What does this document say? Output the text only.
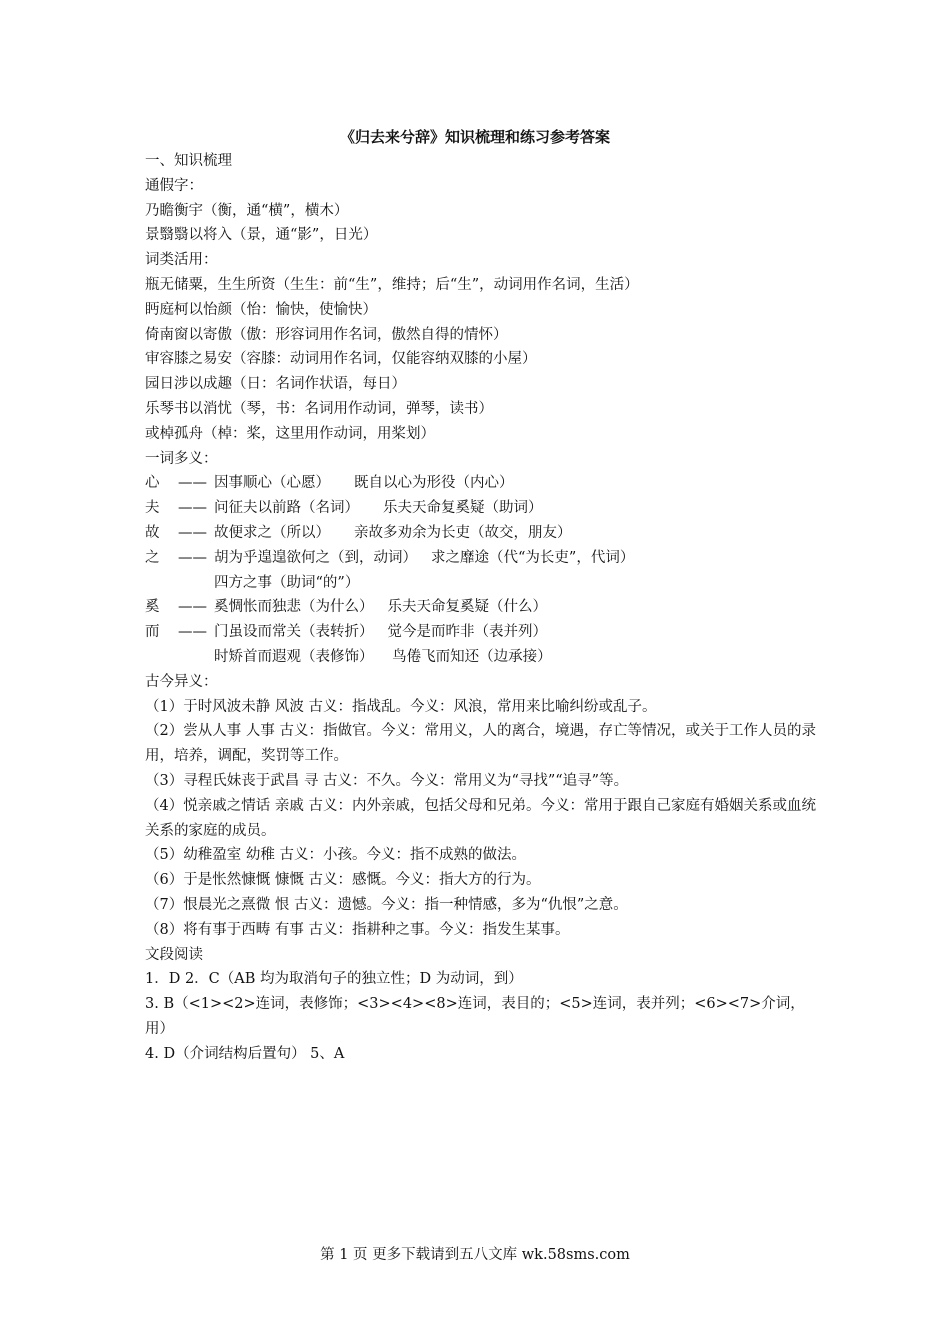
《归去来兮辞》知识梳理和练习参考答案
一、知识梳理
通假字：
乃瞻衡宇（衡，通“横”，横木）
景翳翳以将入（景，通“影”，日光）
词类活用：
瓶无储粟，生生所资（生生：前“生”，维持；后“生”，动词用作名词，生活）
眄庭柯以怡颜（怡：愉快，使愉快）
倚南窗以寄傲（傲：形容词用作名词，傲然自得的情怀）
审容膝之易安（容膝：动词用作名词，仅能容纳双膝的小屋）
园日涉以成趣（日：名词作状语，每日）
乐琴书以消忧（琴，书：名词用作动词，弹琴，读书）
或棹孤舟（棹：桨，这里用作动词，用桨划）
一词多义：
心	—— 因事顺心（心愿） 既自以心为形役（内心）
夫	—— 问征夫以前路（名词） 乐夫天命复奚疑（助词）
故	—— 故便求之（所以） 亲故多劝余为长吏（故交，朋友）
之	—— 胡为乎遑遑欲何之（到，动词） 求之靡途（代“为长吏”，代词）
四方之事（助词“的”）
奚	—— 奚惆怅而独悲（为什么） 乐夫天命复奚疑（什么）
而	—— 门虽设而常关（表转折） 觉今是而昨非（表并列）
时矫首而遐观（表修饰） 鸟倦飞而知还（边承接）
古今异义：
（1）于时风波未静 风波 古义：指战乱。今义：风浪，常用来比喻纠纷或乱子。
（2）尝从人事 人事 古义：指做官。今义：常用义，人的离合，境遇，存亡等情况，或关于工作人员的录用，培养，调配，奖罚等工作。
（3）寻程氏妹丧于武昌 寻 古义：不久。今义：常用义为“寻找”“追寻”等。
（4）悦亲戚之情话 亲戚 古义：内外亲戚，包括父母和兄弟。今义：常用于跟自己家庭有婚姻关系或血统关系的家庭的成员。
（5）幼稚盈室 幼稚 古义：小孩。今义：指不成熟的做法。
（6）于是怅然慷慨 慷慨 古义：感慨。今义：指大方的行为。
（7）恨晨光之熹微 恨 古义：遗憾。今义：指一种情感，多为“仇恨”之意。
（8）将有事于西畴 有事 古义：指耕种之事。今义：指发生某事。
文段阅读
1．D 2．C（AB 均为取消句子的独立性；D 为动词，到）
3. B（<1><2>连词，表修饰；<3><4><8>连词，表目的；<5>连词，表并列；<6><7>介词，用）
4. D（介词结构后置句） 5、A
第 1 页 更多下载请到五八文库 wk.58sms.com
